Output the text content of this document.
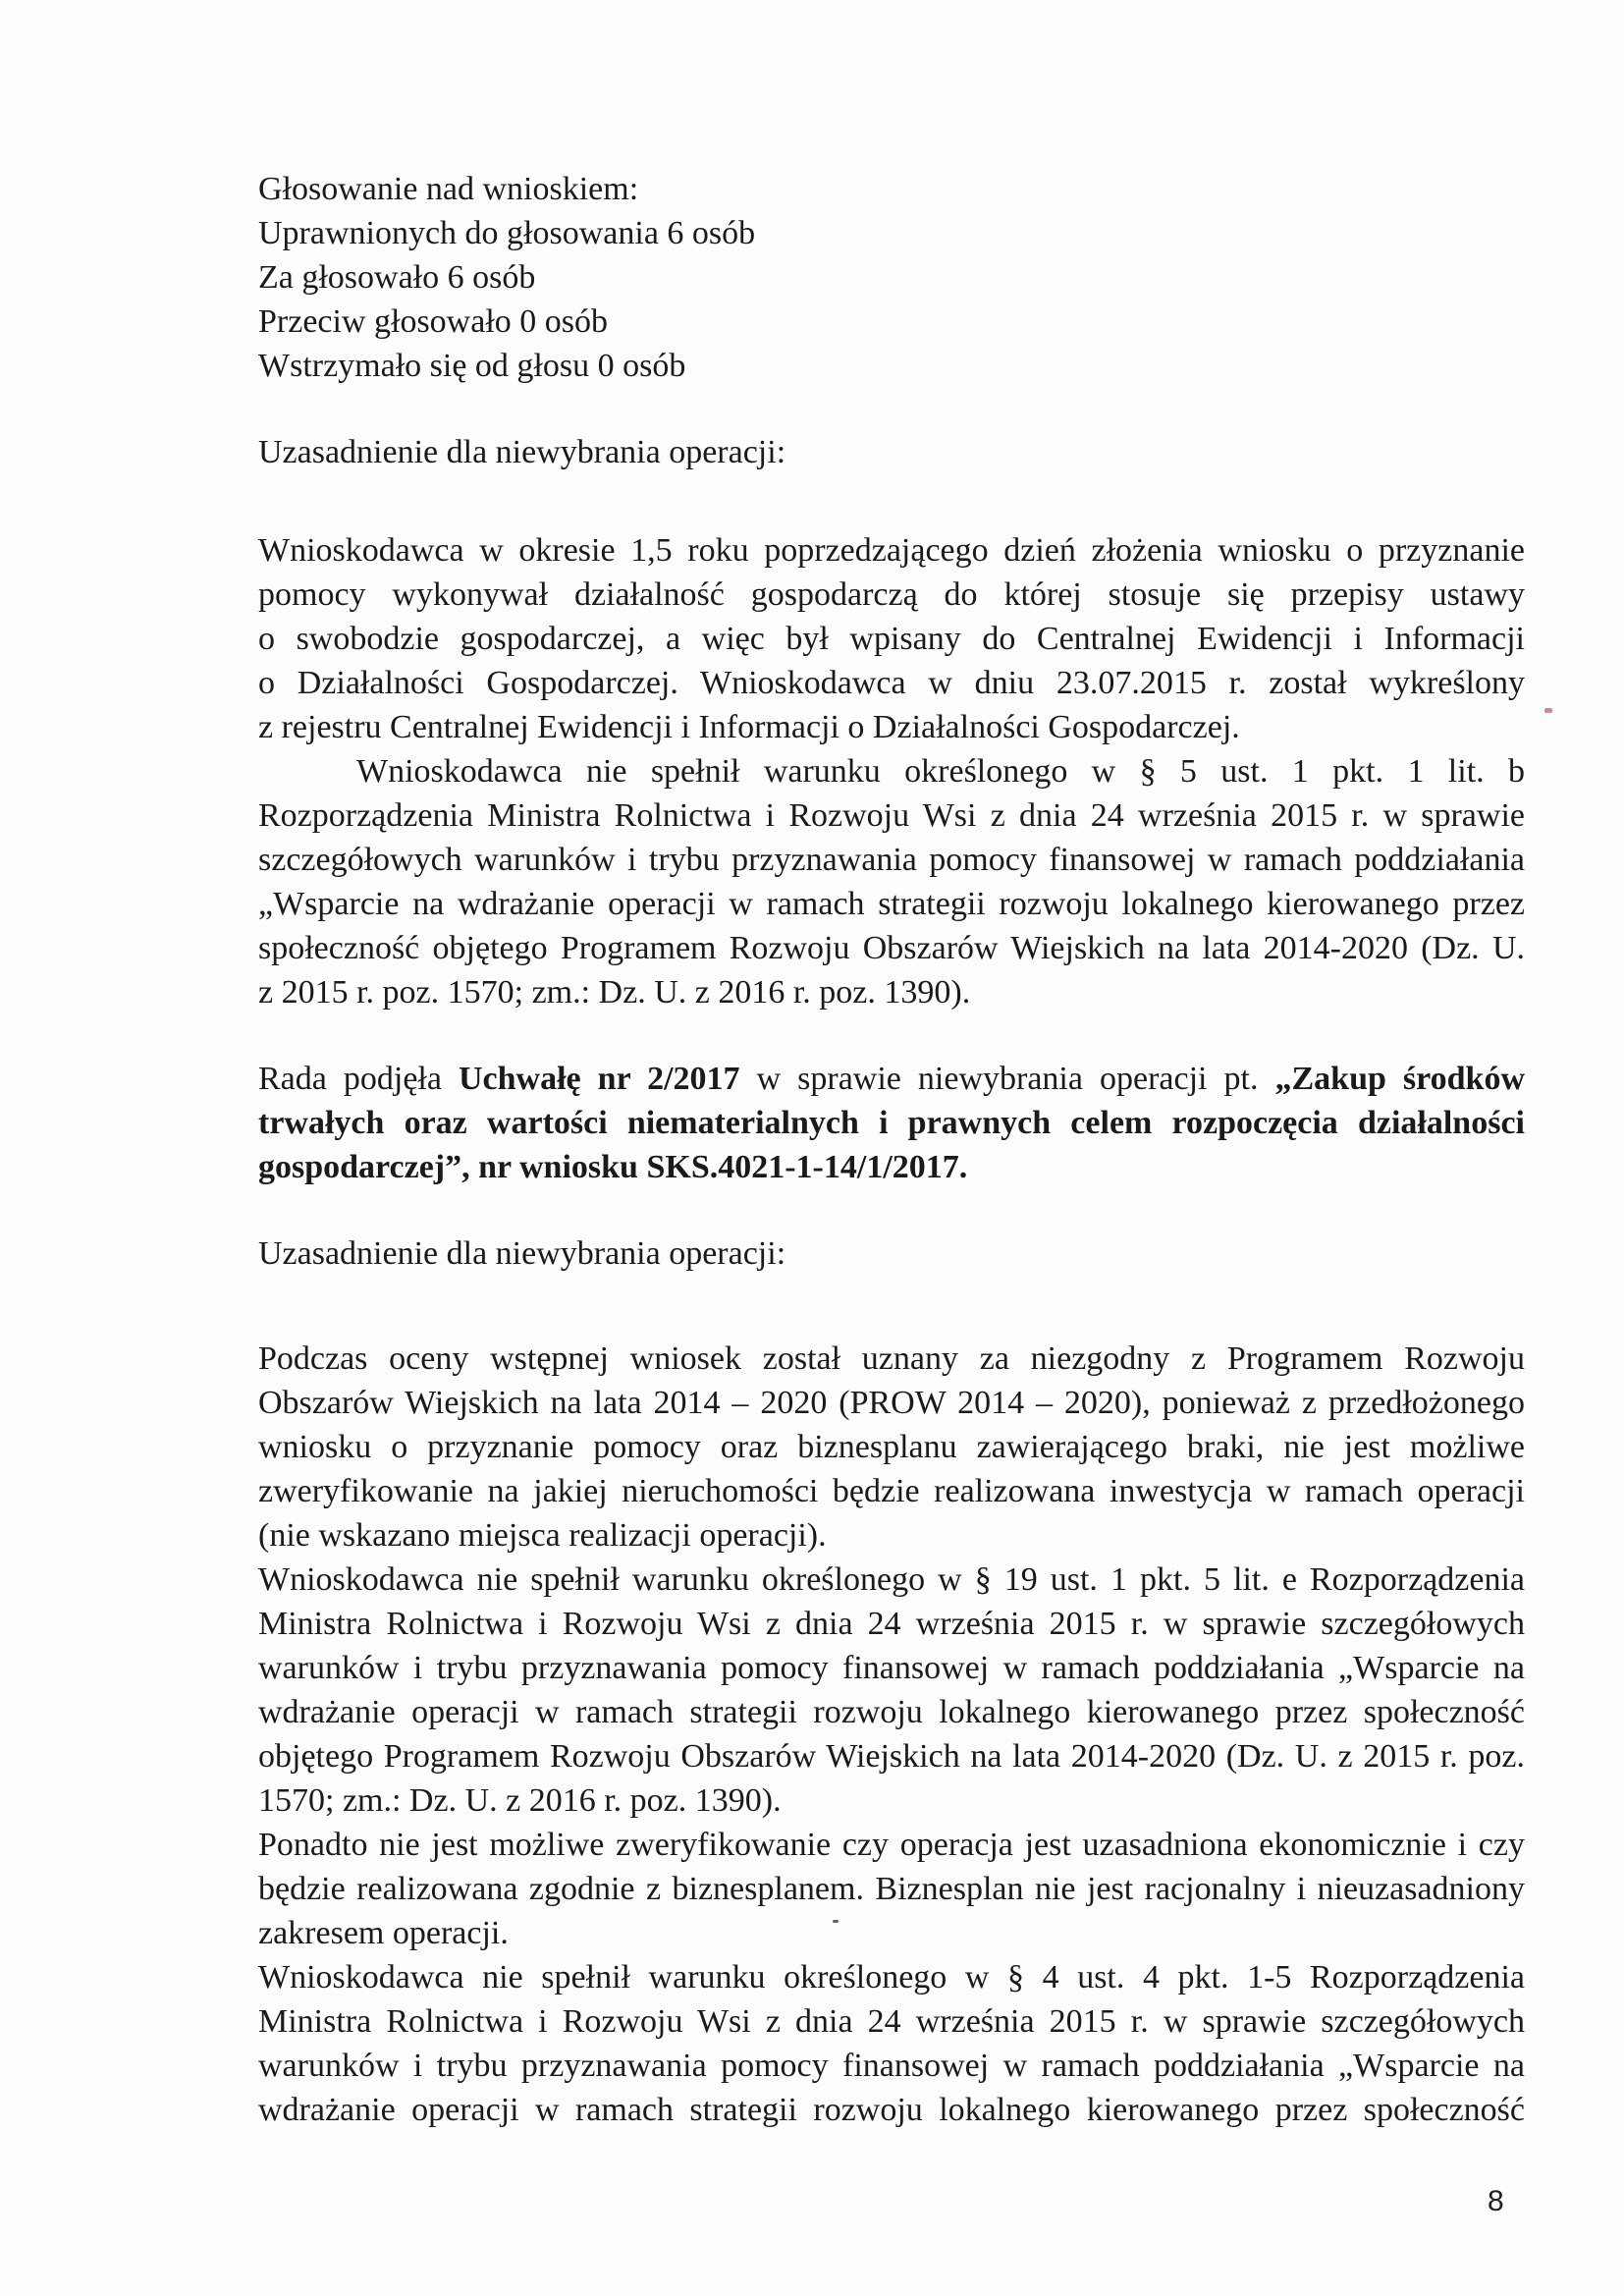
Głosowanie nad wnioskiem:
Uprawnionych do głosowania 6 osób
Za głosowało 6 osób
Przeciw głosowało 0 osób
Wstrzymało się od głosu 0 osób
Uzasadnienie dla niewybrania operacji:
Wnioskodawca w okresie 1,5 roku poprzedzającego dzień złożenia wniosku o przyznanie
pomocy wykonywał działalność gospodarczą do której stosuje się przepisy ustawy
o swobodzie gospodarczej, a więc był wpisany do Centralnej Ewidencji i Informacji
o Działalności Gospodarczej. Wnioskodawca w dniu 23.07.2015 r. został wykreślony
z rejestru Centralnej Ewidencji i Informacji o Działalności Gospodarczej.
Wnioskodawca nie spełnił warunku określonego w § 5 ust. 1 pkt. 1 lit. b
Rozporządzenia Ministra Rolnictwa i Rozwoju Wsi z dnia 24 września 2015 r. w sprawie
szczegółowych warunków i trybu przyznawania pomocy finansowej w ramach poddziałania
„Wsparcie na wdrażanie operacji w ramach strategii rozwoju lokalnego kierowanego przez
społeczność objętego Programem Rozwoju Obszarów Wiejskich na lata 2014-2020 (Dz. U.
z 2015 r. poz. 1570; zm.: Dz. U. z 2016 r. poz. 1390).
Rada podjęła Uchwałę nr 2/2017 w sprawie niewybrania operacji pt. „Zakup środków
trwałych oraz wartości niematerialnych i prawnych celem rozpoczęcia działalności
gospodarczej”, nr wniosku SKS.4021-1-14/1/2017.
Uzasadnienie dla niewybrania operacji:
Podczas oceny wstępnej wniosek został uznany za niezgodny z Programem Rozwoju
Obszarów Wiejskich na lata 2014 – 2020 (PROW 2014 – 2020), ponieważ z przedłożonego
wniosku o przyznanie pomocy oraz biznesplanu zawierającego braki, nie jest możliwe
zweryfikowanie na jakiej nieruchomości będzie realizowana inwestycja w ramach operacji
(nie wskazano miejsca realizacji operacji).
Wnioskodawca nie spełnił warunku określonego w § 19 ust. 1 pkt. 5 lit. e Rozporządzenia
Ministra Rolnictwa i Rozwoju Wsi z dnia 24 września 2015 r. w sprawie szczegółowych
warunków i trybu przyznawania pomocy finansowej w ramach poddziałania „Wsparcie na
wdrażanie operacji w ramach strategii rozwoju lokalnego kierowanego przez społeczność
objętego Programem Rozwoju Obszarów Wiejskich na lata 2014-2020 (Dz. U. z 2015 r. poz.
1570; zm.: Dz. U. z 2016 r. poz. 1390).
Ponadto nie jest możliwe zweryfikowanie czy operacja jest uzasadniona ekonomicznie i czy
będzie realizowana zgodnie z biznesplanem. Biznesplan nie jest racjonalny i nieuzasadniony
zakresem operacji.
Wnioskodawca nie spełnił warunku określonego w § 4 ust. 4 pkt. 1-5 Rozporządzenia
Ministra Rolnictwa i Rozwoju Wsi z dnia 24 września 2015 r. w sprawie szczegółowych
warunków i trybu przyznawania pomocy finansowej w ramach poddziałania „Wsparcie na
wdrażanie operacji w ramach strategii rozwoju lokalnego kierowanego przez społeczność
8
